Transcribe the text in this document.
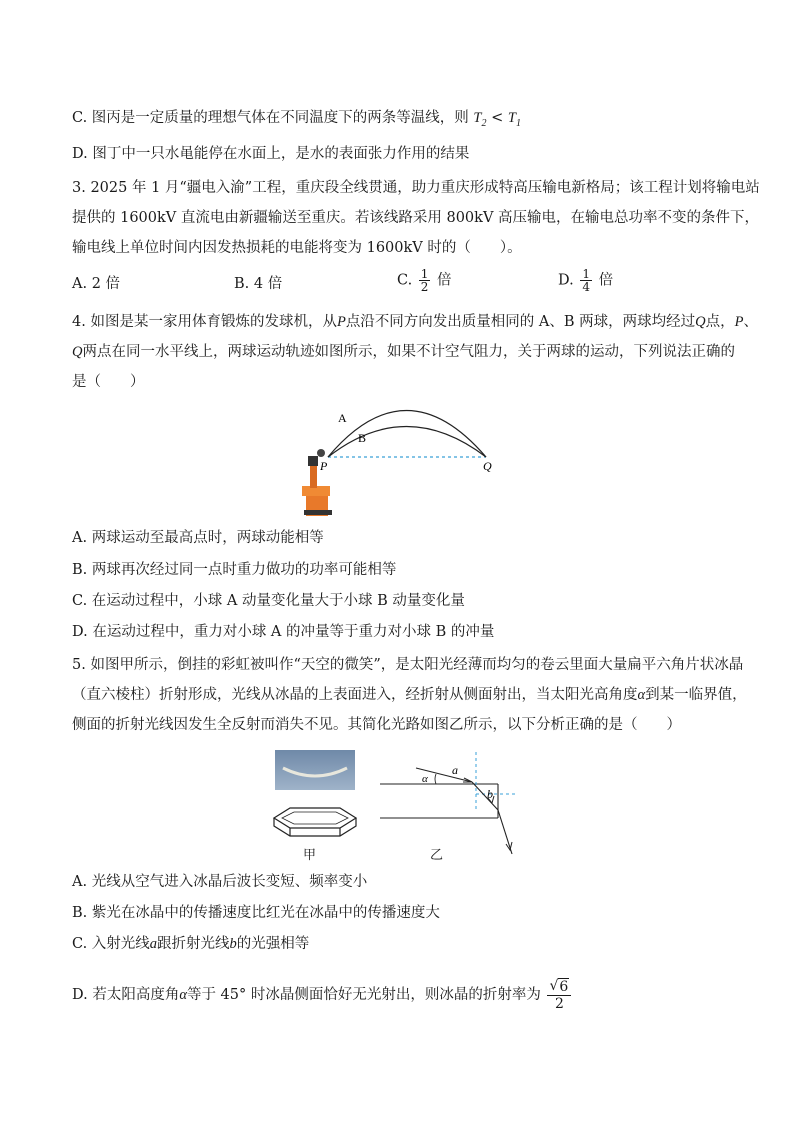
C. 图丙是一定质量的理想气体在不同温度下的两条等温线，则 $T_2 < T_1$
D. 图丁中一只水黾能停在水面上，是水的表面张力作用的结果
3. 2025 年 1 月“疆电入渝”工程，重庆段全线贯通，助力重庆形成特高压输电新格局；该工程计划将输电站
提供的 1600kV 直流电由新疆输送至重庆。若该线路采用 800kV 高压输电，在输电总功率不变的条件下，
输电线上单位时间内因发热损耗的电能将变为 1600kV 时的（　　）。
A. 2 倍	B. 4 倍	C. $\frac{1}{2}$ 倍	D. $\frac{1}{4}$ 倍
4. 如图是某一家用体育锻炼的发球机，从P点沿不同方向发出质量相同的 A、B 两球，两球均经过Q点，P、
Q两点在同一水平线上，两球运动轨迹如图所示，如果不计空气阻力，关于两球的运动，下列说法正确的
是（　　）
A
B
P	Q
A. 两球运动至最高点时，两球动能相等
B. 两球再次经过同一点时重力做功的功率可能相等
C. 在运动过程中，小球 A 动量变化量大于小球 B 动量变化量
D. 在运动过程中，重力对小球 A 的冲量等于重力对小球 B 的冲量
5. 如图甲所示，倒挂的彩虹被叫作“天空的微笑”，是太阳光经薄而均匀的卷云里面大量扁平六角片状冰晶
（直六棱柱）折射形成，光线从冰晶的上表面进入，经折射从侧面射出，当太阳光高角度α到某一临界值，
侧面的折射光线因发生全反射而消失不见。其简化光路如图乙所示，以下分析正确的是（　　）
甲
α
a
b
乙
A. 光线从空气进入冰晶后波长变短、频率变小
B. 紫光在冰晶中的传播速度比红光在冰晶中的传播速度大
C. 入射光线a跟折射光线b的光强相等
D. 若太阳高度角α等于 45° 时冰晶侧面恰好无光射出，则冰晶的折射率为 $\frac{√ 6}{2}$
